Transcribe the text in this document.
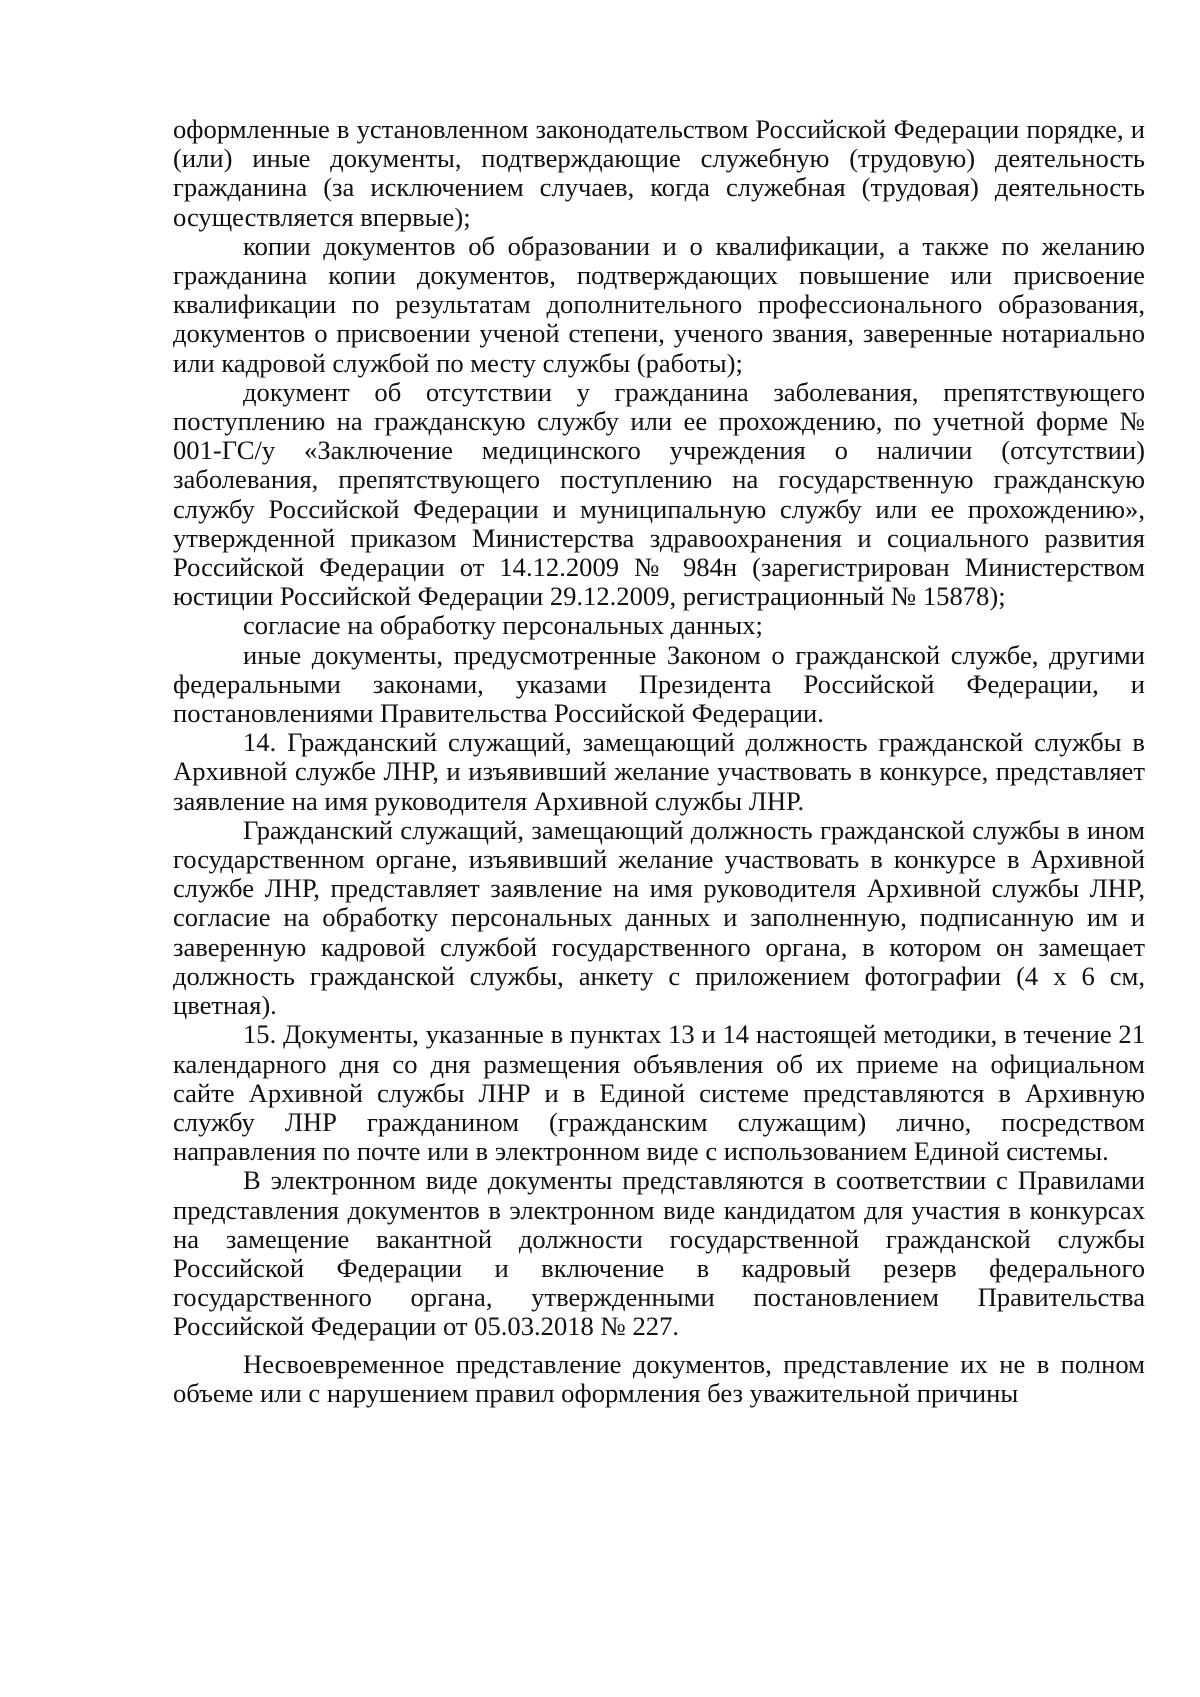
оформленные в установленном законодательством Российской Федерации порядке, и (или) иные документы, подтверждающие служебную (трудовую) деятельность гражданина (за исключением случаев, когда служебная (трудовая) деятельность осуществляется впервые);

копии документов об образовании и о квалификации, а также по желанию гражданина копии документов, подтверждающих повышение или присвоение квалификации по результатам дополнительного профессионального образования, документов о присвоении ученой степени, ученого звания, заверенные нотариально или кадровой службой по месту службы (работы);

документ об отсутствии у гражданина заболевания, препятствующего поступлению на гражданскую службу или ее прохождению, по учетной форме № 001-ГС/у «Заключение медицинского учреждения о наличии (отсутствии) заболевания, препятствующего поступлению на государственную гражданскую службу Российской Федерации и муниципальную службу или ее прохождению», утвержденной приказом Министерства здравоохранения и социального развития Российской Федерации от 14.12.2009 № 984н (зарегистрирован Министерством юстиции Российской Федерации 29.12.2009, регистрационный № 15878);

согласие на обработку персональных данных;

иные документы, предусмотренные Законом о гражданской службе, другими федеральными законами, указами Президента Российской Федерации, и постановлениями Правительства Российской Федерации.

14. Гражданский служащий, замещающий должность гражданской службы в Архивной службе ЛНР, и изъявивший желание участвовать в конкурсе, представляет заявление на имя руководителя Архивной службы ЛНР.

Гражданский служащий, замещающий должность гражданской службы в ином государственном органе, изъявивший желание участвовать в конкурсе в Архивной службе ЛНР, представляет заявление на имя руководителя Архивной службы ЛНР, согласие на обработку персональных данных и заполненную, подписанную им и заверенную кадровой службой государственного органа, в котором он замещает должность гражданской службы, анкету с приложением фотографии (4 х 6 см, цветная).

15. Документы, указанные в пунктах 13 и 14 настоящей методики, в течение 21 календарного дня со дня размещения объявления об их приеме на официальном сайте Архивной службы ЛНР и в Единой системе представляются в Архивную службу ЛНР гражданином (гражданским служащим) лично, посредством направления по почте или в электронном виде с использованием Единой системы.

В электронном виде документы представляются в соответствии с Правилами представления документов в электронном виде кандидатом для участия в конкурсах на замещение вакантной должности государственной гражданской службы Российской Федерации и включение в кадровый резерв федерального государственного органа, утвержденными постановлением Правительства Российской Федерации от 05.03.2018 № 227.

Несвоевременное представление документов, представление их не в полном объеме или с нарушением правил оформления без уважительной причины
